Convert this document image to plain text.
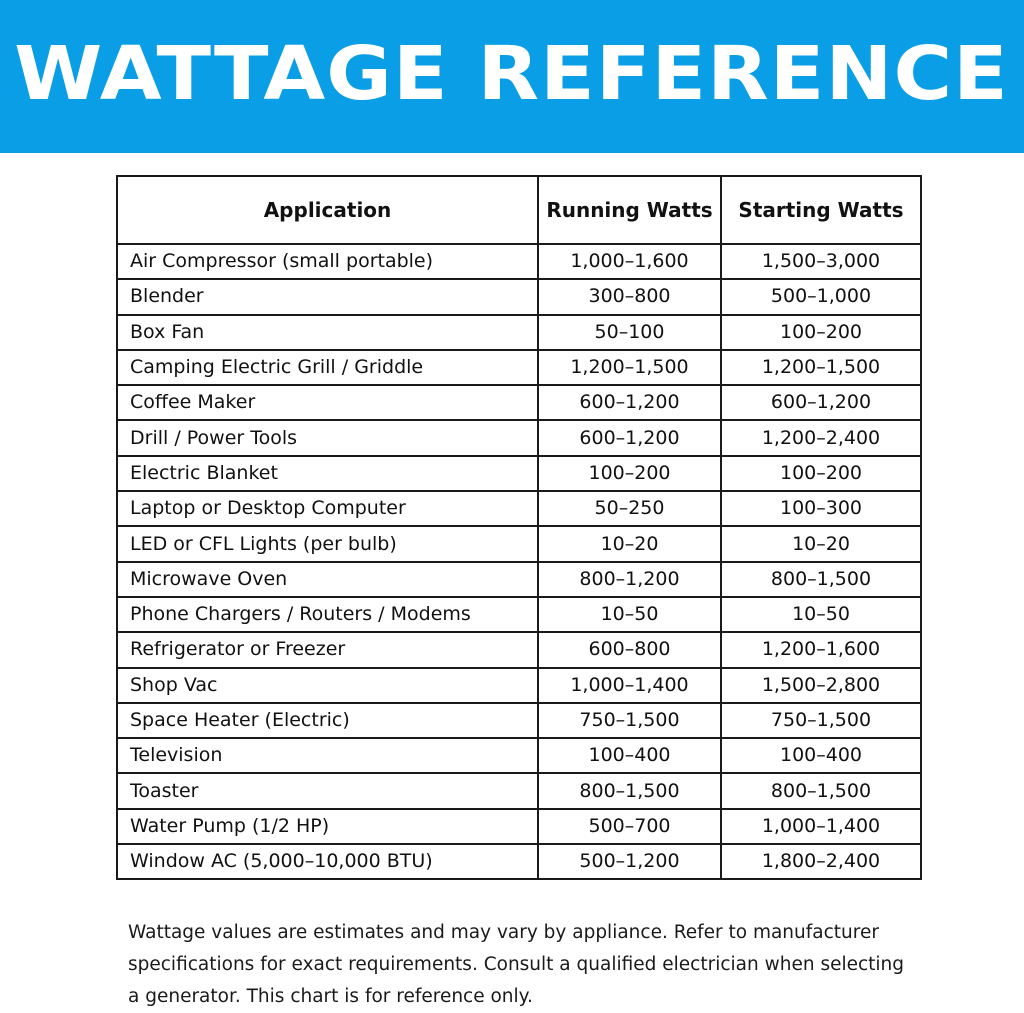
WATTAGE REFERENCE
Application	Running Watts	Starting Watts
Air Compressor (small portable)	1,000–1,600	1,500–3,000
Blender	300–800	500–1,000
Box Fan	50–100	100–200
Camping Electric Grill / Griddle	1,200–1,500	1,200–1,500
Coffee Maker	600–1,200	600–1,200
Drill / Power Tools	600–1,200	1,200–2,400
Electric Blanket	100–200	100–200
Laptop or Desktop Computer	50–250	100–300
LED or CFL Lights (per bulb)	10–20	10–20
Microwave Oven	800–1,200	800–1,500
Phone Chargers / Routers / Modems	10–50	10–50
Refrigerator or Freezer	600–800	1,200–1,600
Shop Vac	1,000–1,400	1,500–2,800
Space Heater (Electric)	750–1,500	750–1,500
Television	100–400	100–400
Toaster	800–1,500	800–1,500
Water Pump (1/2 HP)	500–700	1,000–1,400
Window AC (5,000–10,000 BTU)	500–1,200	1,800–2,400

Wattage values are estimates and may vary by appliance. Refer to manufacturer specifications for exact requirements. Consult a qualified electrician when selecting a generator. This chart is for reference only.
